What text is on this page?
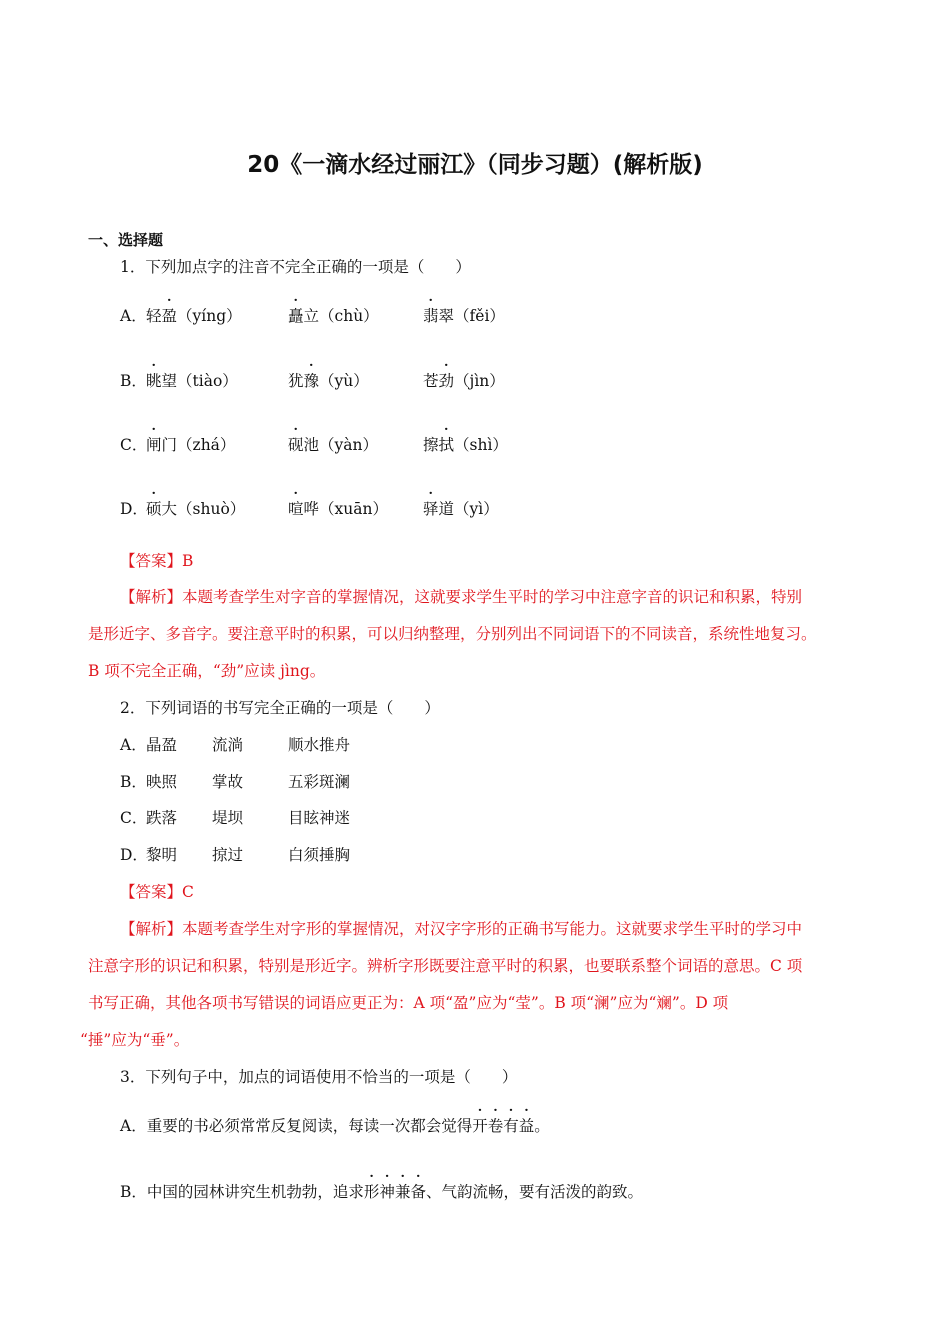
20《一滴水经过丽江》（同步习题）(解析版)
一、选择题
1．下列加点字的注音不完全正确的一项是（　　）
A． 轻盈（yíng）	矗立（chù）	翡翠（fěi）
B． 眺望（tiào）	犹豫（yù）	苍劲（jìn）
C．
闸门（zhá）	砚池（yàn）	擦拭（shì）
D．
硕大（shuò）	喧哗（xuān） 驿道（yì）
【答案】B
【解析】本题考查学生对字音的掌握情况，这就要求学生平时的学习中注意字音的识记和积累，特别
是形近字、多音字。要注意平时的积累，可以归纳整理，分别列出不同词语下的不同读音，系统性地复习。
B 项不完全正确，“劲”应读 jìng。
2．下列词语的书写完全正确的一项是（　　）
A．晶盈 流淌	顺水推舟
B．映照 掌故	五彩斑澜
C．跌落 堤坝	目眩神迷
D．黎明 掠过	白须捶胸
【答案】C
【解析】本题考查学生对字形的掌握情况，对汉字字形的正确书写能力。这就要求学生平时的学习中
注意字形的识记和积累，特别是形近字。辨析字形既要注意平时的积累，也要联系整个词语的意思。C 项
书写正确，其他各项书写错误的词语应更正为：A 项“盈”应为“莹”。B 项“澜”应为“斓”。D 项
“捶”应为“垂”。
3．下列句子中，加点的词语使用不恰当的一项是（　　）
A．重要的书必须常常反复阅读，每读一次都会觉得开卷有益。
B．中国的园林讲究生机勃勃，追求形神兼备、气韵流畅，要有活泼的韵致。
